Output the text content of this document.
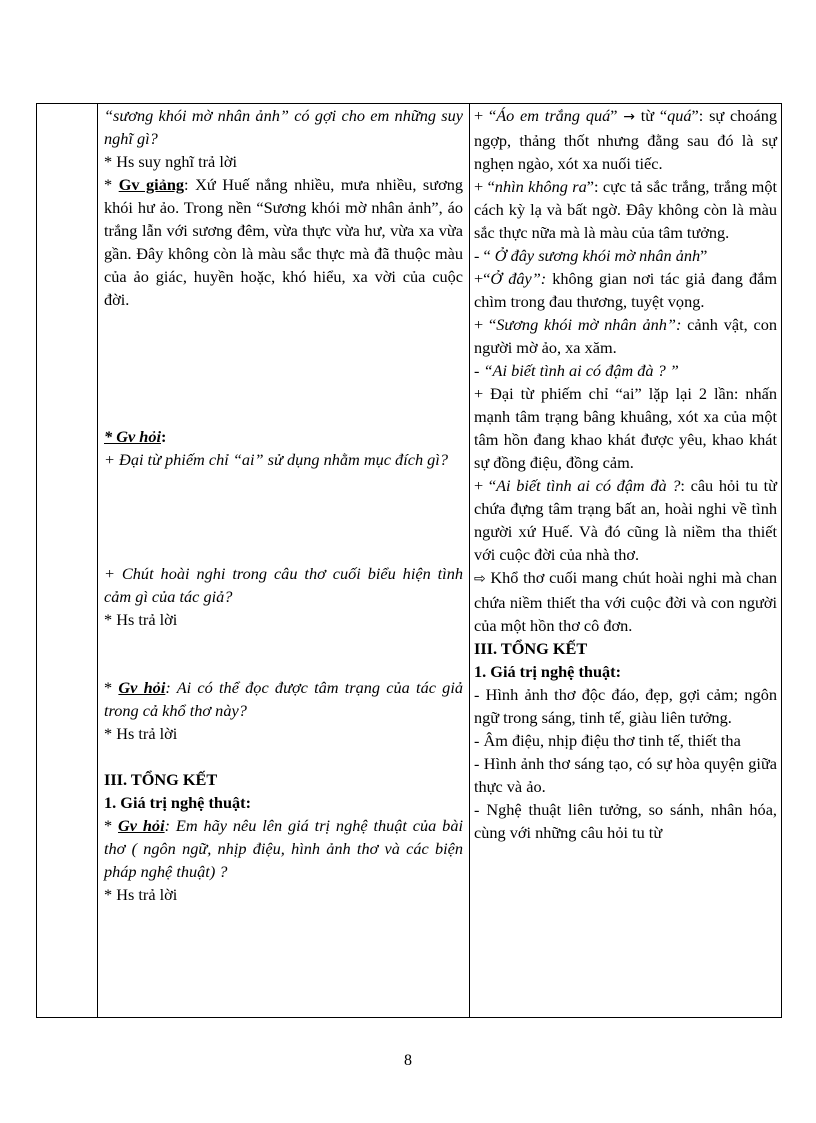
“sương khói mờ nhân ảnh” có gợi cho em những suy nghĩ gì?

* Hs suy nghĩ trả lời

* Gv giảng: Xứ Huế nắng nhiều, mưa nhiều, sương khói hư ảo. Trong nền “Sương khói mờ nhân ảnh”, áo trắng lẫn với sương đêm, vừa thực vừa hư, vừa xa vừa gần. Đây không còn là màu sắc thực mà đã thuộc màu của ảo giác, huyền hoặc, khó hiểu, xa vời của cuộc đời.

* Gv hỏi:

+ Đại từ phiếm chỉ “ai” sử dụng nhằm mục đích gì?

+ Chút hoài nghi trong câu thơ cuối biểu hiện tình cảm gì của tác giả?

* Hs trả lời

* Gv hỏi: Ai có thể đọc được tâm trạng của tác giả trong cả khổ thơ này?

* Hs trả lời

III. TỔNG KẾT

1. Giá trị nghệ thuật:

* Gv hỏi: Em hãy nêu lên giá trị nghệ thuật của bài thơ ( ngôn ngữ, nhịp điệu, hình ảnh thơ và các biện pháp nghệ thuật) ?

* Hs trả lời

+ “Áo em trắng quá” → từ “quá”: sự choáng ngợp, thảng thốt nhưng đằng sau đó là sự nghẹn ngào, xót xa nuối tiếc.

+ “nhìn không ra”: cực tả sắc trắng, trắng một cách kỳ lạ và bất ngờ. Đây không còn là màu sắc thực nữa mà là màu của tâm tưởng.

- “ Ở đây sương khói mờ nhân ảnh”

+“Ở đây”: không gian nơi tác giả đang đắm chìm trong đau thương, tuyệt vọng.

+ “Sương khói mờ nhân ảnh”: cảnh vật, con người mờ ảo, xa xăm.

- “Ai biết tình ai có đậm đà ? ”

+ Đại từ phiếm chỉ “ai” lặp lại 2 lần: nhấn mạnh tâm trạng bâng khuâng, xót xa của một tâm hồn đang khao khát được yêu, khao khát sự đồng điệu, đồng cảm.

+ “Ai biết tình ai có đậm đà ?: câu hỏi tu từ chứa đựng tâm trạng bất an, hoài nghi về tình người xứ Huế. Và đó cũng là niềm tha thiết với cuộc đời của nhà thơ.

⇨ Khổ thơ cuối mang chút hoài nghi mà chan chứa niềm thiết tha với cuộc đời và con người của một hồn thơ cô đơn.

III. TỔNG KẾT

1. Giá trị nghệ thuật:

- Hình ảnh thơ độc đáo, đẹp, gợi cảm; ngôn ngữ trong sáng, tinh tế, giàu liên tưởng.

- Âm điệu, nhịp điệu thơ tinh tế, thiết tha

- Hình ảnh thơ sáng tạo, có sự hòa quyện giữa thực và ảo.

- Nghệ thuật liên tưởng, so sánh, nhân hóa, cùng với những câu hỏi tu từ

8
